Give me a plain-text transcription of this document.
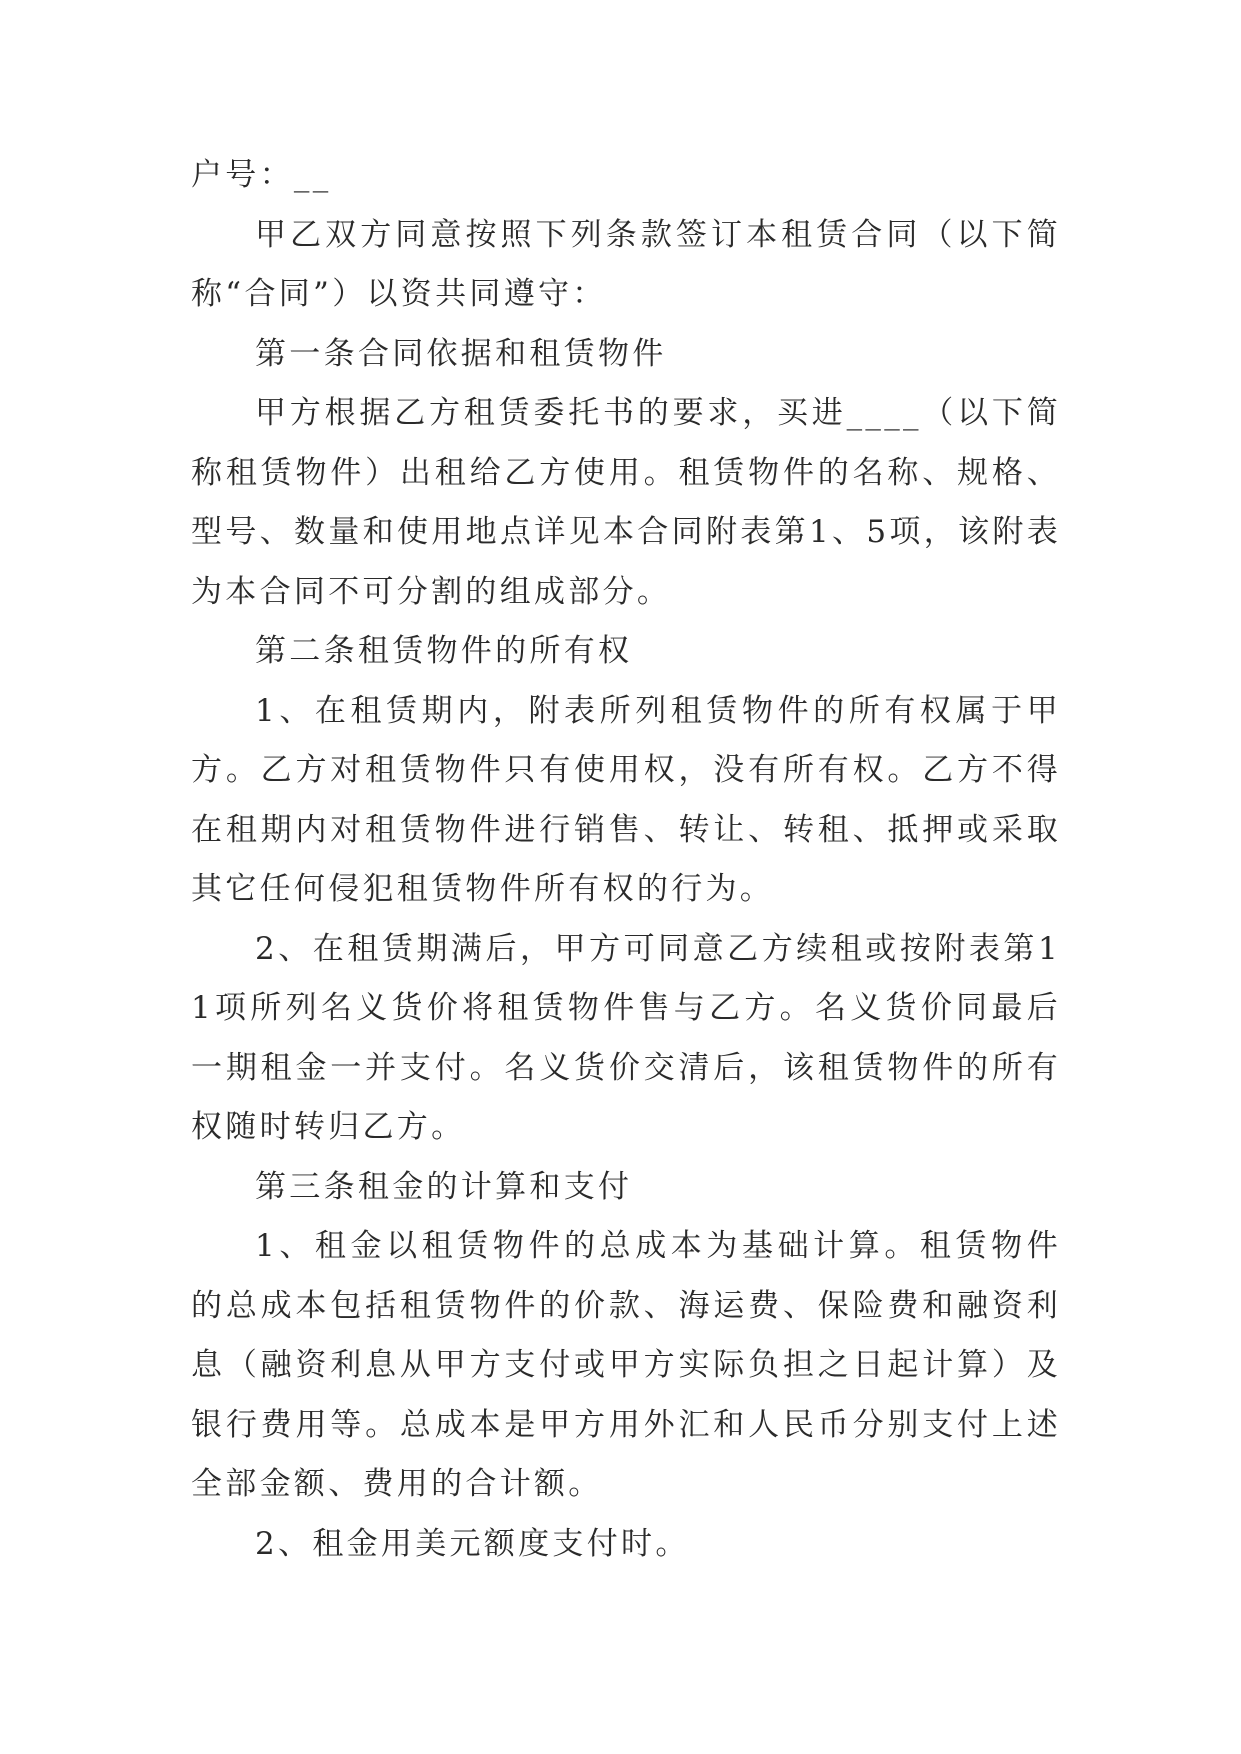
户号：__

甲乙双方同意按照下列条款签订本租赁合同（以下简称“合同”）以资共同遵守：

第一条合同依据和租赁物件

甲方根据乙方租赁委托书的要求，买进____（以下简称租赁物件）出租给乙方使用。租赁物件的名称、规格、型号、数量和使用地点详见本合同附表第1、5项，该附表为本合同不可分割的组成部分。

第二条租赁物件的所有权

1、在租赁期内，附表所列租赁物件的所有权属于甲方。乙方对租赁物件只有使用权，没有所有权。乙方不得在租期内对租赁物件进行销售、转让、转租、抵押或采取其它任何侵犯租赁物件所有权的行为。

2、在租赁期满后，甲方可同意乙方续租或按附表第11项所列名义货价将租赁物件售与乙方。名义货价同最后一期租金一并支付。名义货价交清后，该租赁物件的所有权随时转归乙方。

第三条租金的计算和支付

1、租金以租赁物件的总成本为基础计算。租赁物件的总成本包括租赁物件的价款、海运费、保险费和融资利息（融资利息从甲方支付或甲方实际负担之日起计算）及银行费用等。总成本是甲方用外汇和人民币分别支付上述全部金额、费用的合计额。

2、租金用美元额度支付时。
